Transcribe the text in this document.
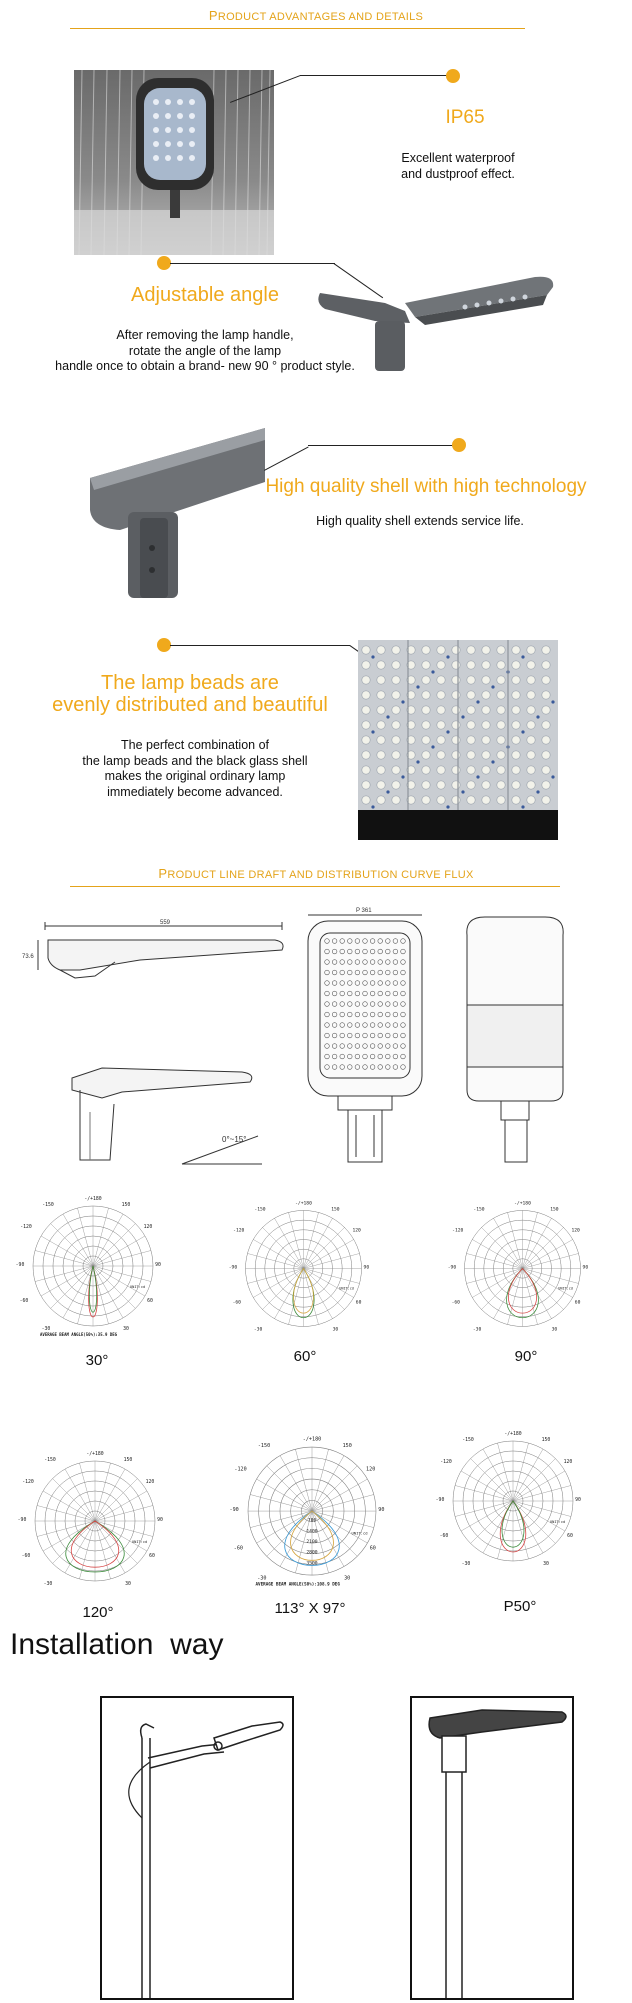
PRODUCT ADVANTAGES AND DETAILS
IP65
Excellent waterproof
and dustproof effect.
Adjustable angle
After removing the lamp handle,
rotate the angle of the lamp
handle once to obtain a brand- new 90 ° product style.
High quality shell with high technology
High quality shell extends service life.
The lamp beads are
evenly distributed and beautiful
The perfect combination of
the lamp beads and the black glass shell
makes the original ordinary lamp
immediately become advanced.
PRODUCT LINE DRAFT AND DISTRIBUTION CURVE FLUX
559
73.6
0°~15°
P 361
-/+180
150
-150
120
-120
90
-90
60
-60
30
-30
UNIT:cd
AVERAGE BEAM ANGLE(50%):35.9 DEG
-/+180
150
-150
120
-120
90
-90
60
-60
30
-30
UNIT:cd
-/+180
150
-150
120
-120
90
-90
60
-60
30
-30
UNIT:cd
30°	60°	90°
-/+180
150
-150
120
-120
90
-90
60
-60
30
-30
UNIT:cd
-/+180
150
-150
120
-120
90
-90
60
-60
30
-30
UNIT:cd
AVERAGE BEAM ANGLE(50%):108.9 DEG
700
1400
2100
2800
3500
-/+180
150
-150
120
-120
90
-90
60
-60
30
-30
UNIT:cd
120°	113° X 97°	P50°
Installation  way
